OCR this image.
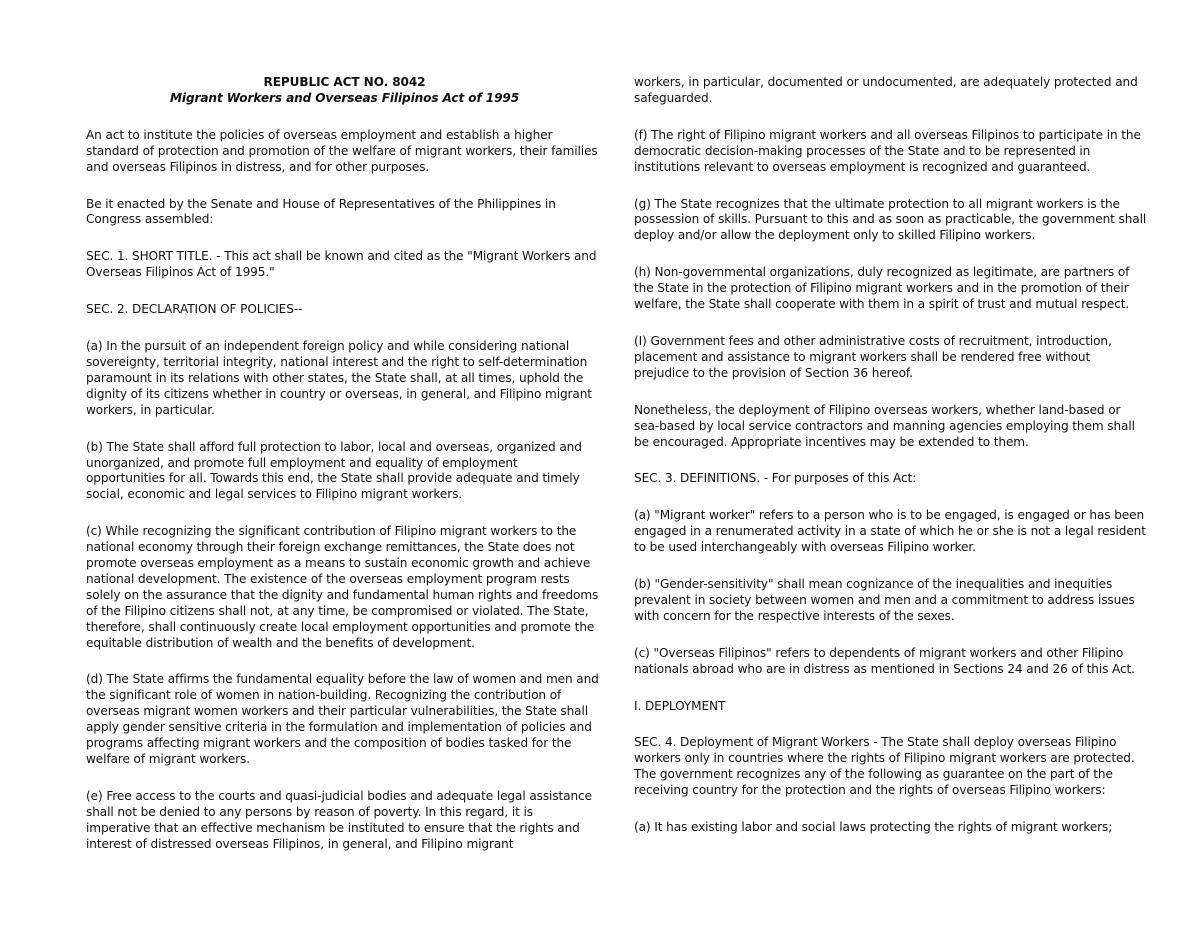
REPUBLIC ACT NO. 8042

Migrant Workers and Overseas Filipinos Act of 1995

An act to institute the policies of overseas employment and establish a higher standard of protection and promotion of the welfare of migrant workers, their families and overseas Filipinos in distress, and for other purposes.

Be it enacted by the Senate and House of Representatives of the Philippines in Congress assembled:

SEC. 1. SHORT TITLE. - This act shall be known and cited as the "Migrant Workers and Overseas Filipinos Act of 1995."

SEC. 2. DECLARATION OF POLICIES--

(a) In the pursuit of an independent foreign policy and while considering national sovereignty, territorial integrity, national interest and the right to self-determination paramount in its relations with other states, the State shall, at all times, uphold the dignity of its citizens whether in country or overseas, in general, and Filipino migrant workers, in particular.

(b) The State shall afford full protection to labor, local and overseas, organized and unorganized, and promote full employment and equality of employment opportunities for all. Towards this end, the State shall provide adequate and timely social, economic and legal services to Filipino migrant workers.

(c) While recognizing the significant contribution of Filipino migrant workers to the national economy through their foreign exchange remittances, the State does not promote overseas employment as a means to sustain economic growth and achieve national development. The existence of the overseas employment program rests solely on the assurance that the dignity and fundamental human rights and freedoms of the Filipino citizens shall not, at any time, be compromised or violated. The State, therefore, shall continuously create local employment opportunities and promote the equitable distribution of wealth and the benefits of development.

(d) The State affirms the fundamental equality before the law of women and men and the significant role of women in nation-building. Recognizing the contribution of overseas migrant women workers and their particular vulnerabilities, the State shall apply gender sensitive criteria in the formulation and implementation of policies and programs affecting migrant workers and the composition of bodies tasked for the welfare of migrant workers.

(e) Free access to the courts and quasi-judicial bodies and adequate legal assistance shall not be denied to any persons by reason of poverty. In this regard, it is imperative that an effective mechanism be instituted to ensure that the rights and interest of distressed overseas Filipinos, in general, and Filipino migrant

workers, in particular, documented or undocumented, are adequately protected and safeguarded.

(f) The right of Filipino migrant workers and all overseas Filipinos to participate in the democratic decision-making processes of the State and to be represented in institutions relevant to overseas employment is recognized and guaranteed.

(g) The State recognizes that the ultimate protection to all migrant workers is the possession of skills. Pursuant to this and as soon as practicable, the government shall deploy and/or allow the deployment only to skilled Filipino workers.

(h) Non-governmental organizations, duly recognized as legitimate, are partners of the State in the protection of Filipino migrant workers and in the promotion of their welfare, the State shall cooperate with them in a spirit of trust and mutual respect.

(I) Government fees and other administrative costs of recruitment, introduction, placement and assistance to migrant workers shall be rendered free without prejudice to the provision of Section 36 hereof.

Nonetheless, the deployment of Filipino overseas workers, whether land-based or sea-based by local service contractors and manning agencies employing them shall be encouraged. Appropriate incentives may be extended to them.

SEC. 3. DEFINITIONS. - For purposes of this Act:

(a) "Migrant worker" refers to a person who is to be engaged, is engaged or has been engaged in a renumerated activity in a state of which he or she is not a legal resident to be used interchangeably with overseas Filipino worker.

(b) "Gender-sensitivity" shall mean cognizance of the inequalities and inequities prevalent in society between women and men and a commitment to address issues with concern for the respective interests of the sexes.

(c) "Overseas Filipinos" refers to dependents of migrant workers and other Filipino nationals abroad who are in distress as mentioned in Sections 24 and 26 of this Act.

I. DEPLOYMENT

SEC. 4. Deployment of Migrant Workers - The State shall deploy overseas Filipino workers only in countries where the rights of Filipino migrant workers are protected. The government recognizes any of the following as guarantee on the part of the receiving country for the protection and the rights of overseas Filipino workers:

(a) It has existing labor and social laws protecting the rights of migrant workers;
